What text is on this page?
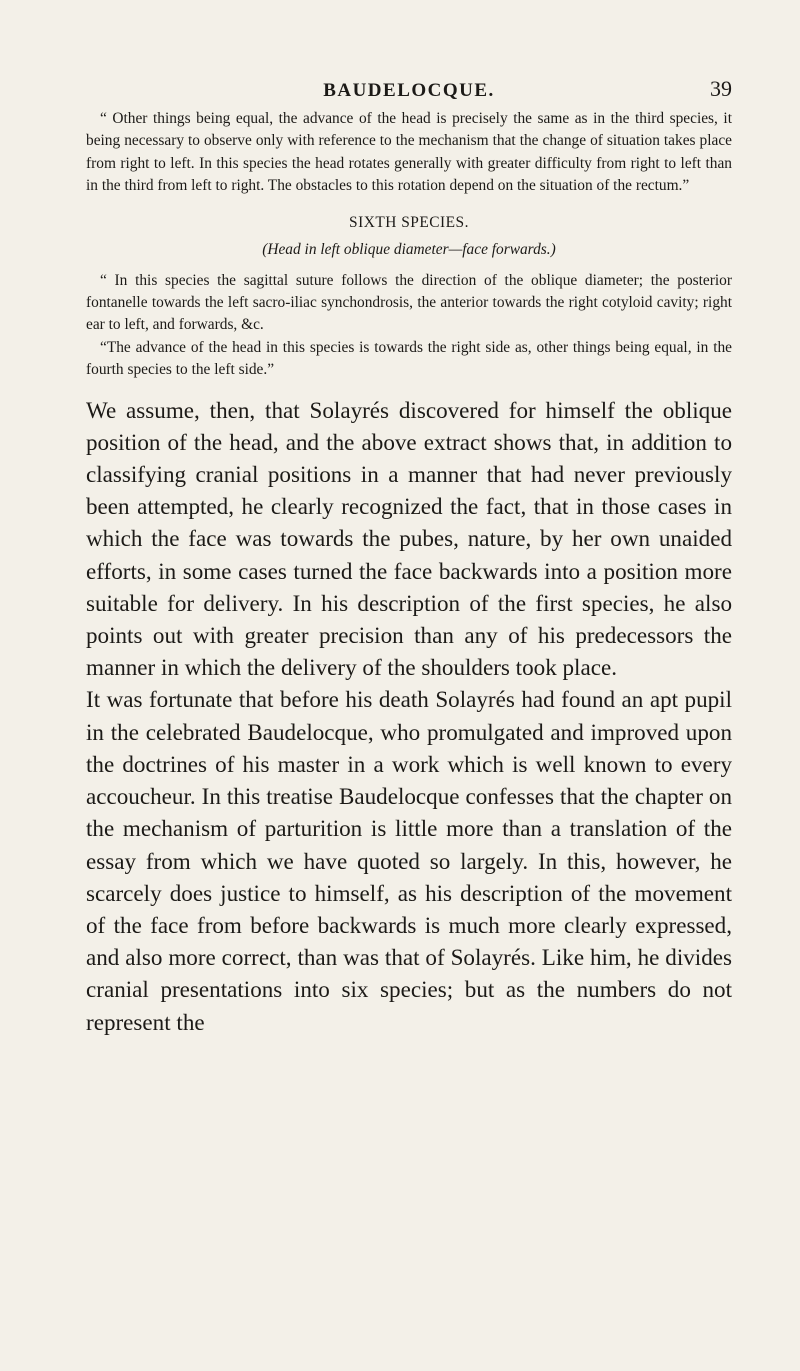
BAUDELOCQUE.	39

“ Other things being equal, the advance of the head is precisely the same as in the third species, it being necessary to observe only with reference to the mechanism that the change of situation takes place from right to left. In this species the head rotates generally with greater difficulty from right to left than in the third from left to right. The obstacles to this rotation depend on the situation of the rectum.”

SIXTH SPECIES.
(Head in left oblique diameter—face forwards.)

“ In this species the sagittal suture follows the direction of the oblique diameter; the posterior fontanelle towards the left sacro-iliac synchondrosis, the anterior towards the right cotyloid cavity; right ear to left, and forwards, &c.

“The advance of the head in this species is towards the right side as, other things being equal, in the fourth species to the left side.”

We assume, then, that Solayrés discovered for himself the oblique position of the head, and the above extract shows that, in addition to classifying cranial positions in a manner that had never previously been attempted, he clearly recognized the fact, that in those cases in which the face was towards the pubes, nature, by her own unaided efforts, in some cases turned the face backwards into a position more suitable for delivery. In his description of the first species, he also points out with greater precision than any of his predecessors the manner in which the delivery of the shoulders took place.

It was fortunate that before his death Solayrés had found an apt pupil in the celebrated Baudelocque, who promulgated and improved upon the doctrines of his master in a work which is well known to every accoucheur. In this treatise Baudelocque confesses that the chapter on the mechanism of parturition is little more than a translation of the essay from which we have quoted so largely. In this, however, he scarcely does justice to himself, as his description of the movement of the face from before backwards is much more clearly expressed, and also more correct, than was that of Solayrés. Like him, he divides cranial presentations into six species; but as the numbers do not represent the
